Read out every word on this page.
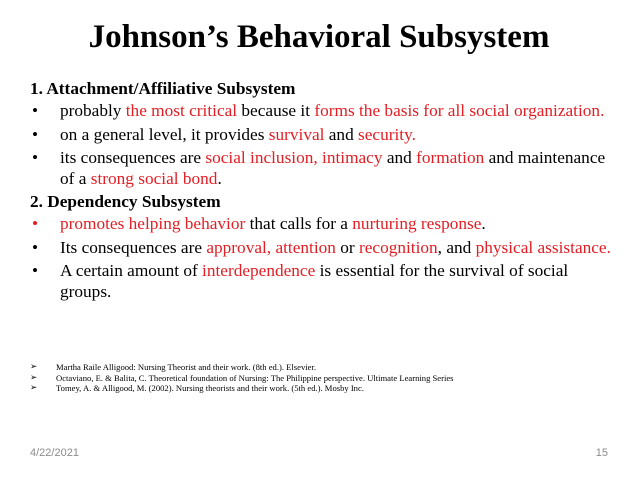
Johnson’s Behavioral Subsystem

1. Attachment/Affiliative Subsystem

• probably the most critical because it forms the basis for all social organization.

• on a general level, it provides survival and security.

• its consequences are social inclusion, intimacy and formation and maintenance of a strong social bond.

2. Dependency Subsystem

• promotes helping behavior that calls for a nurturing response.

• Its consequences are approval, attention or recognition, and physical assistance.

• A certain amount of interdependence is essential for the survival of social groups.

➢ Martha Raile Alligood: Nursing Theorist and their work. (8th ed.). Elsevier.
➢ Octaviano, E. & Balita, C. Theoretical foundation of Nursing: The Philippine perspective. Ultimate Learning Series
➢ Tomey, A. & Alligood, M. (2002). Nursing theorists and their work. (5th ed.). Mosby Inc.
4/22/2021	15
